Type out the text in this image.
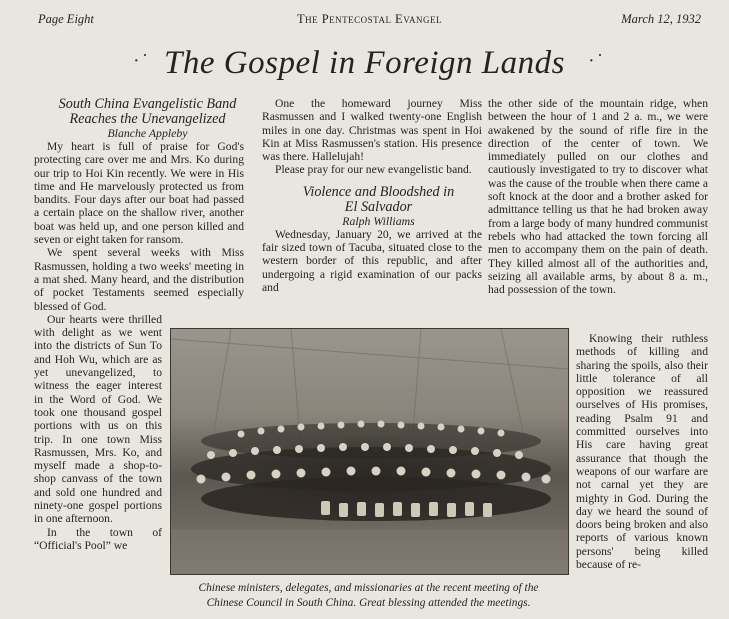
Page Eight	The Pentecostal Evangel	March 12, 1932
·˙ The Gospel in Foreign Lands ·˙

South China Evangelistic Band

Reaches the Unevangelized

Blanche Appleby

My heart is full of praise for God's protecting care over me and Mrs. Ko during our trip to Hoi Kin recently. We were in His time and He marvelously protected us from bandits. Four days after our boat had passed a certain place on the shallow river, another boat was held up, and one person killed and seven or eight taken for ransom.

We spent several weeks with Miss Rasmussen, holding a two weeks' meeting in a mat shed. Many heard, and the distribution of pocket Testaments seemed especially blessed of God.

Our hearts were thrilled with delight as we went into the districts of Sun To and Hoh Wu, which are as yet unevangelized, to witness the eager interest in the Word of God. We took one thousand gospel portions with us on this trip. In one town Miss Rasmussen, Mrs. Ko, and myself made a shop-to-shop canvass of the town and sold one hundred and ninety-one gospel portions in one afternoon.

In the town of “Official's Pool” we

One the homeward journey Miss Rasmussen and I walked twenty-one English miles in one day. Christmas was spent in Hoi Kin at Miss Rasmussen's station. His presence was there. Hallelujah!

Please pray for our new evangelistic band.

Violence and Bloodshed in

El Salvador

Ralph Williams

Wednesday, January 20, we arrived at the fair sized town of Tacuba, situated close to the western border of this republic, and after undergoing a rigid examination of our packs and

the other side of the mountain ridge, when between the hour of 1 and 2 a. m., we were awakened by the sound of rifle fire in the direction of the center of town. We immediately pulled on our clothes and cautiously investigated to try to discover what was the cause of the trouble when there came a soft knock at the door and a brother asked for admittance telling us that he had broken away from a large body of many hundred communist rebels who had attacked the town forcing all men to accompany them on the pain of death. They killed almost all of the authorities and, seizing all available arms, by about 8 a. m., had possession of the town.

Knowing their ruthless methods of killing and sharing the spoils, also their little tolerance of all opposition we reassured ourselves of His promises, reading Psalm 91 and committed ourselves into His care having great assurance that though the weapons of our warfare are not carnal yet they are mighty in God. During the day we heard the sound of doors being broken and also reports of various known persons' being killed because of re-

Chinese ministers, delegates, and missionaries at the recent meeting of the
Chinese Council in South China. Great blessing attended the meetings.
